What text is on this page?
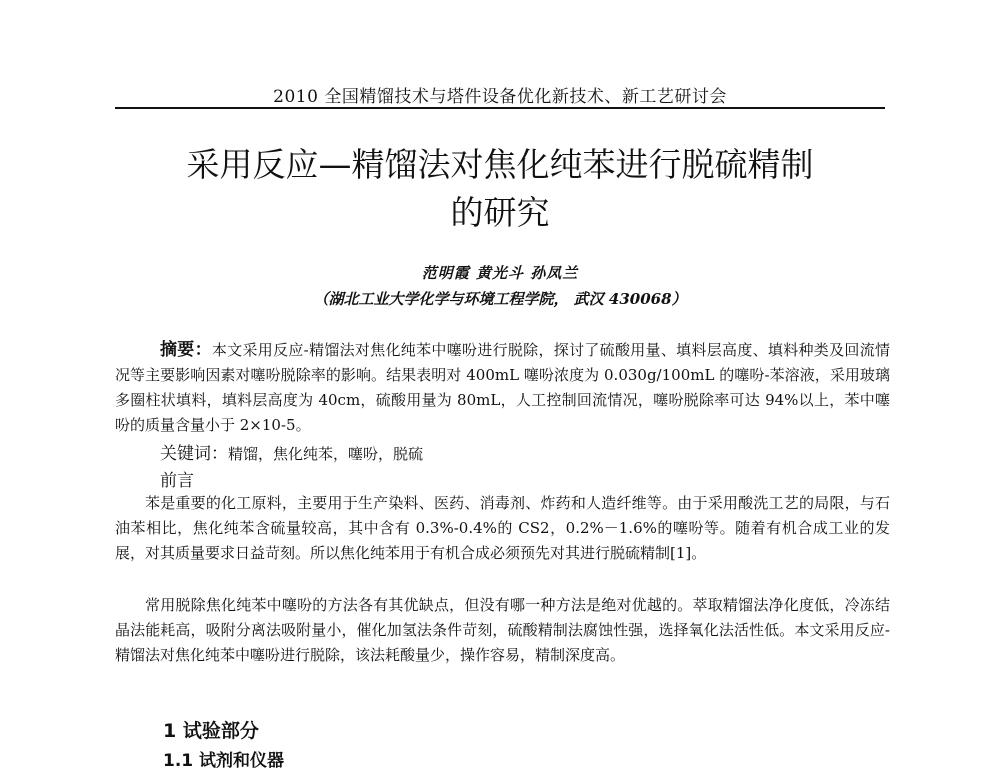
2010 全国精馏技术与塔件设备优化新技术、新工艺研讨会
采用反应—精馏法对焦化纯苯进行脱硫精制
的研究
范明霞 黄光斗 孙凤兰
（湖北工业大学化学与环境工程学院， 武汉 430068）
摘要：本文采用反应-精馏法对焦化纯苯中噻吩进行脱除，探讨了硫酸用量、填料层高度、填料种类及回流情况等主要影响因素对噻吩脱除率的影响。结果表明对 400mL 噻吩浓度为 0.030g/100mL 的噻吩-苯溶液，采用玻璃多圈柱状填料，填料层高度为 40cm，硫酸用量为 80mL，人工控制回流情况，噻吩脱除率可达 94%以上，苯中噻吩的质量含量小于 2×10-5。
关键词：精馏，焦化纯苯，噻吩，脱硫
前言
苯是重要的化工原料，主要用于生产染料、医药、消毒剂、炸药和人造纤维等。由于采用酸洗工艺的局限，与石油苯相比，焦化纯苯含硫量较高，其中含有 0.3%-0.4%的 CS2，0.2%－1.6%的噻吩等。随着有机合成工业的发展，对其质量要求日益苛刻。所以焦化纯苯用于有机合成必须预先对其进行脱硫精制[1]。
常用脱除焦化纯苯中噻吩的方法各有其优缺点，但没有哪一种方法是绝对优越的。萃取精馏法净化度低，冷冻结晶法能耗高，吸附分离法吸附量小，催化加氢法条件苛刻，硫酸精制法腐蚀性强，选择氧化法活性低。本文采用反应-精馏法对焦化纯苯中噻吩进行脱除，该法耗酸量少，操作容易，精制深度高。
1 试验部分
1.1 试剂和仪器
